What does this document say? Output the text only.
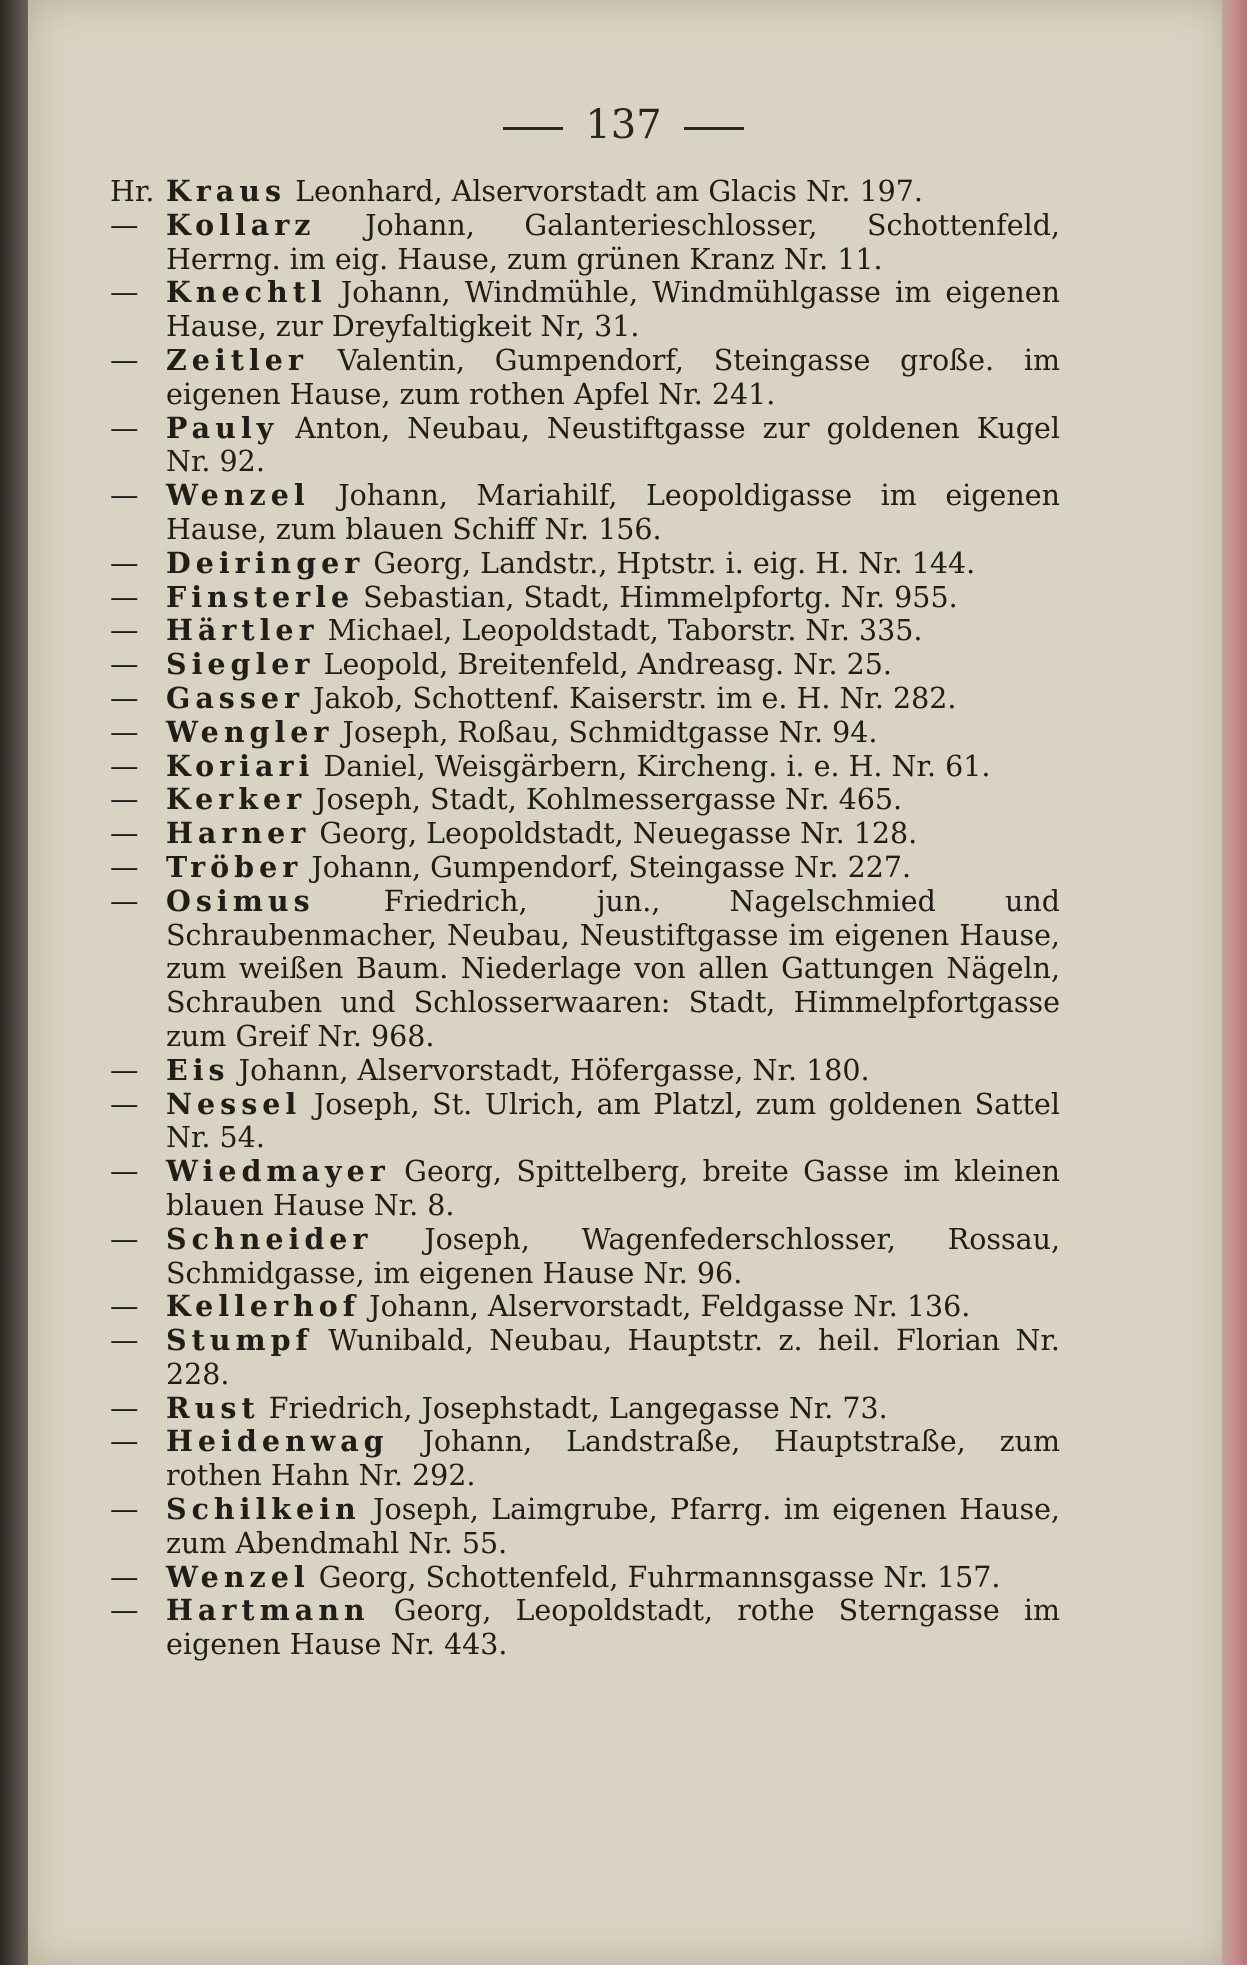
137

Hr. Kraus Leonhard, Alservorstadt am Glacis Nr. 197.

— Kollarz Johann, Galanterieschlosser, Schottenfeld, Herrng. im eig. Hause, zum grünen Kranz Nr. 11.

— Knechtl Johann, Windmühle, Windmühlgasse im eigenen Hause, zur Dreyfaltigkeit Nr, 31.

— Zeitler Valentin, Gumpendorf, Steingasse große. im eigenen Hause, zum rothen Apfel Nr. 241.

— Pauly Anton, Neubau, Neustiftgasse zur goldenen Kugel Nr. 92.

— Wenzel Johann, Mariahilf, Leopoldigasse im eigenen Hause, zum blauen Schiff Nr. 156.

— Deiringer Georg, Landstr., Hptstr. i. eig. H. Nr. 144.

— Finsterle Sebastian, Stadt, Himmelpfortg. Nr. 955.

— Härtler Michael, Leopoldstadt, Taborstr. Nr. 335.

— Siegler Leopold, Breitenfeld, Andreasg. Nr. 25.

— Gasser Jakob, Schottenf. Kaiserstr. im e. H. Nr. 282.

— Wengler Joseph, Roßau, Schmidtgasse Nr. 94.

— Koriari Daniel, Weisgärbern, Kircheng. i. e. H. Nr. 61.

— Kerker Joseph, Stadt, Kohlmessergasse Nr. 465.

— Harner Georg, Leopoldstadt, Neuegasse Nr. 128.

— Tröber Johann, Gumpendorf, Steingasse Nr. 227.

— Osimus Friedrich, jun., Nagelschmied und Schraubenmacher, Neubau, Neustiftgasse im eigenen Hause, zum weißen Baum. Niederlage von allen Gattungen Nägeln, Schrauben und Schlosserwaaren: Stadt, Himmelpfortgasse zum Greif Nr. 968.

— Eis Johann, Alservorstadt, Höfergasse, Nr. 180.

— Nessel Joseph, St. Ulrich, am Platzl, zum goldenen Sattel Nr. 54.

— Wiedmayer Georg, Spittelberg, breite Gasse im kleinen blauen Hause Nr. 8.

— Schneider Joseph, Wagenfederschlosser, Rossau, Schmidgasse, im eigenen Hause Nr. 96.

— Kellerhof Johann, Alservorstadt, Feldgasse Nr. 136.

— Stumpf Wunibald, Neubau, Hauptstr. z. heil. Florian Nr. 228.

— Rust Friedrich, Josephstadt, Langegasse Nr. 73.

— Heidenwag Johann, Landstraße, Hauptstraße, zum rothen Hahn Nr. 292.

— Schilkein Joseph, Laimgrube, Pfarrg. im eigenen Hause, zum Abendmahl Nr. 55.

— Wenzel Georg, Schottenfeld, Fuhrmannsgasse Nr. 157.

— Hartmann Georg, Leopoldstadt, rothe Sterngasse im eigenen Hause Nr. 443.
